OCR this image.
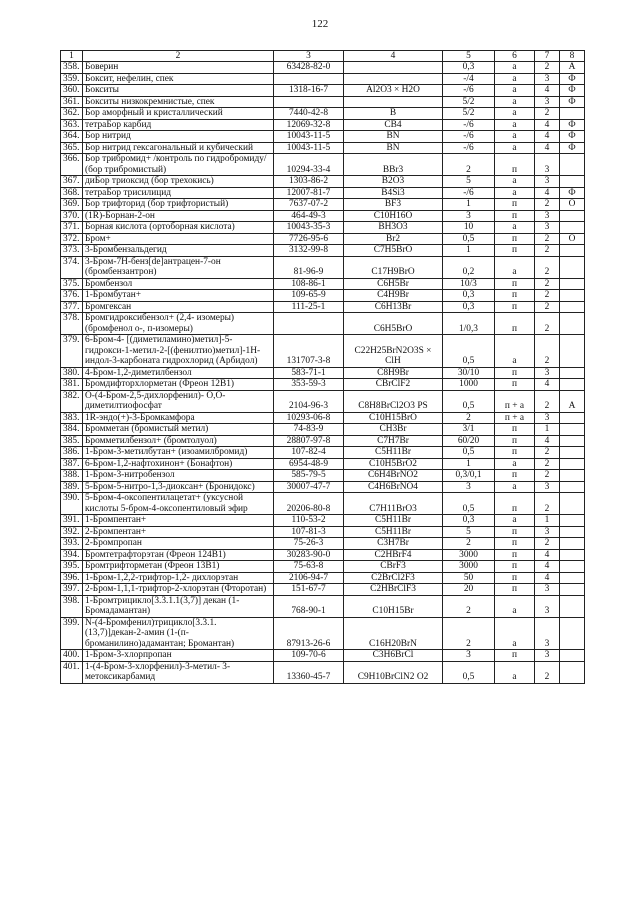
122
1	2	3	4	5	6	7	8
358.	Боверин	63428-82-0		0,3	а	2	А
359.	Боксит, нефелин, спек			-/4	а	3	Ф
360.	Бокситы	1318-16-7	Al2O3 × H2O	-/6	а	4	Ф
361.	Бокситы низкокремнистые, спек			5/2	а	3	Ф
362.	Бор аморфный и кристаллический	7440-42-8	B	5/2	а	2	
363.	тетраБор карбид	12069-32-8	CB4	-/6	а	4	Ф
364.	Бор нитрид	10043-11-5	BN	-/6	а	4	Ф
365.	Бор нитрид гексагональный и кубический	10043-11-5	BN	-/6	а	4	Ф
366.	Бор трибромид+ /контроль по гидробромиду/ (бор трибромистый)	10294-33-4	BBr3	2	п	3	
367.	диБор триоксид (бор трехокись)	1303-86-2	B2O3	5	а	3	
368.	тетраБор трисилицид	12007-81-7	B4Si3	-/6	а	4	Ф
369.	Бор трифторид (бор трифтористый)	7637-07-2	BF3	1	п	2	О
370.	(1R)-Борнан-2-он	464-49-3	C10H16O	3	п	3	
371.	Борная кислота (ортоборная кислота)	10043-35-3	BH3O3	10	а	3	
372.	Бром+	7726-95-6	Br2	0,5	п	2	О
373.	3-Бромбензальдегид	3132-99-8	C7H5BrO	1	п	2	
374.	3-Бром-7Н-бенз[de]антрацен-7-он (бромбензантрон)	81-96-9	C17H9BrO	0,2	а	2	
375.	Бромбензол	108-86-1	C6H5Br	10/3	п	2	
376.	1-Бромбутан+	109-65-9	C4H9Br	0,3	п	2	
377.	Бромгексан	111-25-1	C6H13Br	0,3	п	2	
378.	Бромгидроксибензол+ (2,4- изомеры) (бромфенол о-, п-изомеры)		C6H5BrO	1/0,3	п	2	
379.	6-Бром-4- [(диметиламино)метил]-5-гидрокси-1-метил-2-[(фенилтио)метил]-1H-индол-3-карбоната гидрохлорид (Арбидол)	131707-3-8	C22H25BrN2O3S × ClH	0,5	а	2	
380.	4-Бром-1,2-диметилбензол	583-71-1	C8H9Br	30/10	п	3	
381.	Бромдифторхлорметан (Фреон 12В1)	353-59-3	CBrClF2	1000	п	4	
382.	O-(4-Бром-2,5-дихлорфенил)- O,O-диметилтиофосфат	2104-96-3	C8H8BrCl2O3 PS	0,5	п + а	2	А
383.	1R-эндо(+)-3-Бромкамфора	10293-06-8	C10H15BrO	2	п + а	3	
384.	Бромметан (бромистый метил)	74-83-9	CH3Br	3/1	п	1	
385.	Бромметилбензол+ (бромтолуол)	28807-97-8	C7H7Br	60/20	п	4	
386.	1-Бром-3-метилбутан+ (изоамилбромид)	107-82-4	C5H11Br	0,5	п	2	
387.	6-Бром-1,2-нафтохинон+ (Бонафтон)	6954-48-9	C10H5BrO2	1	а	2	
388.	1-Бром-3-нитробензол	585-79-5	C6H4BrNO2	0,3/0,1	п	2	
389.	5-Бром-5-нитро-1,3-диоксан+ (Бронидокс)	30007-47-7	C4H6BrNO4	3	а	3	
390.	5-Бром-4-оксопентилацетат+ (уксусной кислоты 5-бром-4-оксопентиловый эфир	20206-80-8	C7H11BrO3	0,5	п	2	
391.	1-Бромпентан+	110-53-2	C5H11Br	0,3	а	1	
392.	2-Бромпентан+	107-81-3	C5H11Br	5	п	3	
393.	2-Бромпропан	75-26-3	C3H7Br	2	п	2	
394.	Бромтетрафторэтан (Фреон 124В1)	30283-90-0	C2HBrF4	3000	п	4	
395.	Бромтрифторметан (Фреон 13В1)	75-63-8	CBrF3	3000	п	4	
396.	1-Бром-1,2,2-трифтор-1,2- дихлорэтан	2106-94-7	C2BrCl2F3	50	п	4	
397.	2-Бром-1,1,1-трифтор-2-хлорэтан (Фторотан)	151-67-7	C2HBrClF3	20	п	3	
398.	1-Бромтрицикло[3.3.1.1(3,7)] декан (1-Бромадамантан)	768-90-1	C10H15Br	2	а	3	
399.	N-(4-Бромфенил)трицикло[3.3.1.(13,7)]декан-2-амин (1-(п-броманилино)адамантан; Бромантан)	87913-26-6	C16H20BrN	2	а	3	
400.	1-Бром-3-хлорпропан	109-70-6	C3H6BrCl	3	п	3	
401.	1-(4-Бром-3-хлорфенил)-3-метил- 3-метоксикарбамид	13360-45-7	C9H10BrClN2 O2	0,5	а	2	
